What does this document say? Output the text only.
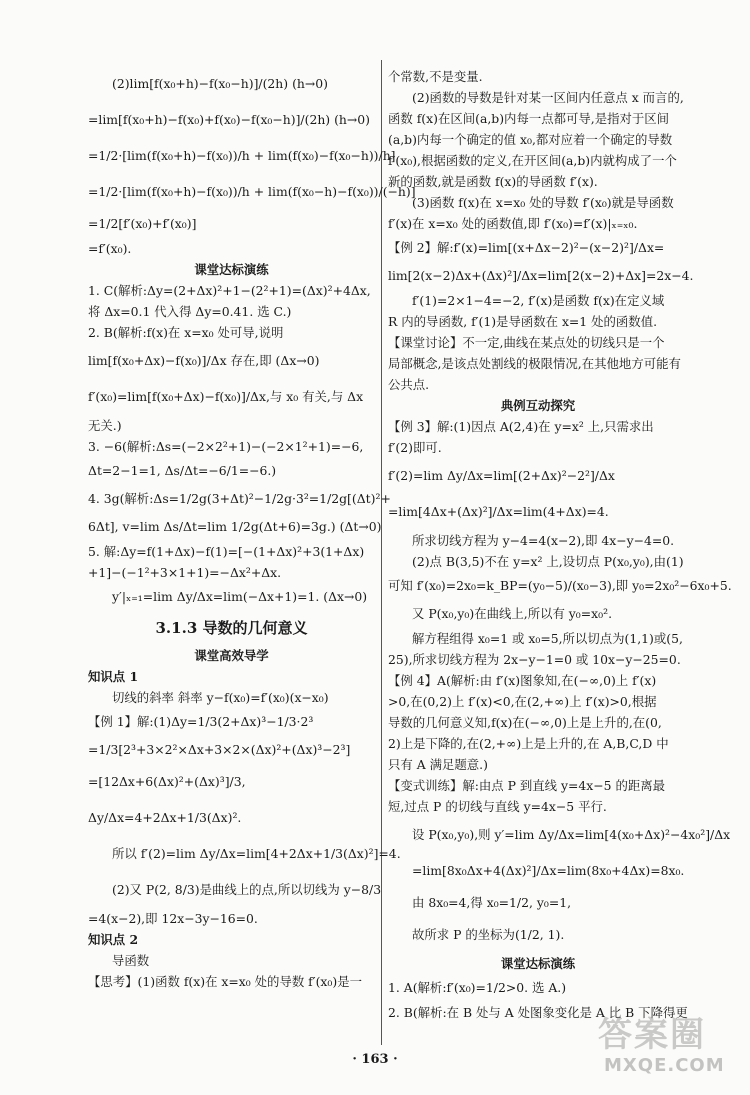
(2)lim[f(x₀+h)−f(x₀−h)]/(2h) (h→0)
=lim[f(x₀+h)−f(x₀)+f(x₀)−f(x₀−h)]/(2h) (h→0)
=1/2·[lim(f(x₀+h)−f(x₀))/h + lim(f(x₀)−f(x₀−h))/h]
=1/2·[lim(f(x₀+h)−f(x₀))/h + lim(f(x₀−h)−f(x₀))/(−h)]
=1/2[f′(x₀)+f′(x₀)]
=f′(x₀).
课堂达标演练
1. C(解析:Δy=(2+Δx)²+1−(2²+1)=(Δx)²+4Δx,
将 Δx=0.1 代入得 Δy=0.41. 选 C.)
2. B(解析:f(x)在 x=x₀ 处可导,说明
lim[f(x₀+Δx)−f(x₀)]/Δx 存在,即 (Δx→0)
f′(x₀)=lim[f(x₀+Δx)−f(x₀)]/Δx,与 x₀ 有关,与 Δx
无关.)
3. −6(解析:Δs=(−2×2²+1)−(−2×1²+1)=−6,
Δt=2−1=1, Δs/Δt=−6/1=−6.)
4. 3g(解析:Δs=1/2g(3+Δt)²−1/2g·3²=1/2g[(Δt)²+
6Δt], v=lim Δs/Δt=lim 1/2g(Δt+6)=3g.) (Δt→0)
5. 解:Δy=f(1+Δx)−f(1)=[−(1+Δx)²+3(1+Δx)
+1]−(−1²+3×1+1)=−Δx²+Δx.
y′|ₓ₌₁=lim Δy/Δx=lim(−Δx+1)=1. (Δx→0)
3.1.3 导数的几何意义
课堂高效导学
知识点 1
切线的斜率 斜率 y−f(x₀)=f′(x₀)(x−x₀)
【例 1】解:(1)Δy=1/3(2+Δx)³−1/3·2³
=1/3[2³+3×2²×Δx+3×2×(Δx)²+(Δx)³−2³]
=[12Δx+6(Δx)²+(Δx)³]/3,
Δy/Δx=4+2Δx+1/3(Δx)².
所以 f′(2)=lim Δy/Δx=lim[4+2Δx+1/3(Δx)²]=4.
(2)又 P(2, 8/3)是曲线上的点,所以切线为 y−8/3
=4(x−2),即 12x−3y−16=0.
知识点 2
导函数
【思考】(1)函数 f(x)在 x=x₀ 处的导数 f′(x₀)是一
个常数,不是变量.
(2)函数的导数是针对某一区间内任意点 x 而言的,
函数 f(x)在区间(a,b)内每一点都可导,是指对于区间
(a,b)内每一个确定的值 x₀,都对应着一个确定的导数
f′(x₀),根据函数的定义,在开区间(a,b)内就构成了一个
新的函数,就是函数 f(x)的导函数 f′(x).
(3)函数 f(x)在 x=x₀ 处的导数 f′(x₀)就是导函数
f′(x)在 x=x₀ 处的函数值,即 f′(x₀)=f′(x)|ₓ₌ₓ₀.
【例 2】解:f′(x)=lim[(x+Δx−2)²−(x−2)²]/Δx=
lim[2(x−2)Δx+(Δx)²]/Δx=lim[2(x−2)+Δx]=2x−4.
f′(1)=2×1−4=−2, f′(x)是函数 f(x)在定义域
R 内的导函数, f′(1)是导函数在 x=1 处的函数值.
【课堂讨论】不一定,曲线在某点处的切线只是一个
局部概念,是该点处割线的极限情况,在其他地方可能有
公共点.
典例互动探究
【例 3】解:(1)因点 A(2,4)在 y=x² 上,只需求出
f′(2)即可.
f′(2)=lim Δy/Δx=lim[(2+Δx)²−2²]/Δx
=lim[4Δx+(Δx)²]/Δx=lim(4+Δx)=4.
所求切线方程为 y−4=4(x−2),即 4x−y−4=0.
(2)点 B(3,5)不在 y=x² 上,设切点 P(x₀,y₀),由(1)
可知 f′(x₀)=2x₀=k_BP=(y₀−5)/(x₀−3),即 y₀=2x₀²−6x₀+5.
又 P(x₀,y₀)在曲线上,所以有 y₀=x₀².
解方程组得 x₀=1 或 x₀=5,所以切点为(1,1)或(5,
25),所求切线方程为 2x−y−1=0 或 10x−y−25=0.
【例 4】A(解析:由 f′(x)图象知,在(−∞,0)上 f′(x)
>0,在(0,2)上 f′(x)<0,在(2,+∞)上 f′(x)>0,根据
导数的几何意义知,f(x)在(−∞,0)上是上升的,在(0,
2)上是下降的,在(2,+∞)上是上升的,在 A,B,C,D 中
只有 A 满足题意.)
【变式训练】解:由点 P 到直线 y=4x−5 的距离最
短,过点 P 的切线与直线 y=4x−5 平行.
设 P(x₀,y₀),则 y′=lim Δy/Δx=lim[4(x₀+Δx)²−4x₀²]/Δx
=lim[8x₀Δx+4(Δx)²]/Δx=lim(8x₀+4Δx)=8x₀.
由 8x₀=4,得 x₀=1/2, y₀=1,
故所求 P 的坐标为(1/2, 1).
课堂达标演练
1. A(解析:f′(x₀)=1/2>0. 选 A.)
2. B(解析:在 B 处与 A 处图象变化是 A 比 B 下降得更
· 163 ·
答案圈
MXQE.COM
